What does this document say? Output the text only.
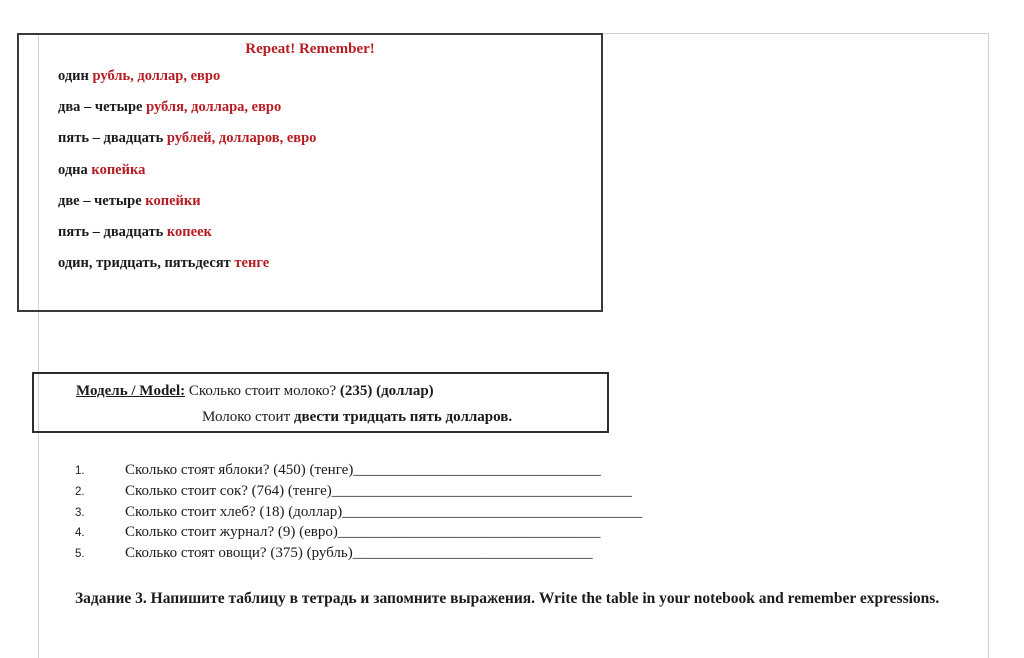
Repeat! Remember!
один рубль, доллар, евро
два – четыре рубля, доллара, евро
пять – двадцать рублей, долларов, евро
одна копейка
две – четыре копейки
пять – двадцать копеек
один, тридцать, пятьдесят тенге
Модель / Model: Сколько стоит молоко? (235) (доллар)
Молоко стоит двести тридцать пять долларов.
1.	Сколько стоят яблоки? (450) (тенге)_________________________________
2.	Сколько стоит сок? (764) (тенге)________________________________________
3.	Сколько стоит хлеб? (18) (доллар)________________________________________
4.	Сколько стоит журнал? (9) (евро)___________________________________
5.	Сколько стоят овощи? (375) (рубль)________________________________
Задание 3. Напишите таблицу в тетрадь и запомните выражения. Write the table in your notebook and remember expressions.
